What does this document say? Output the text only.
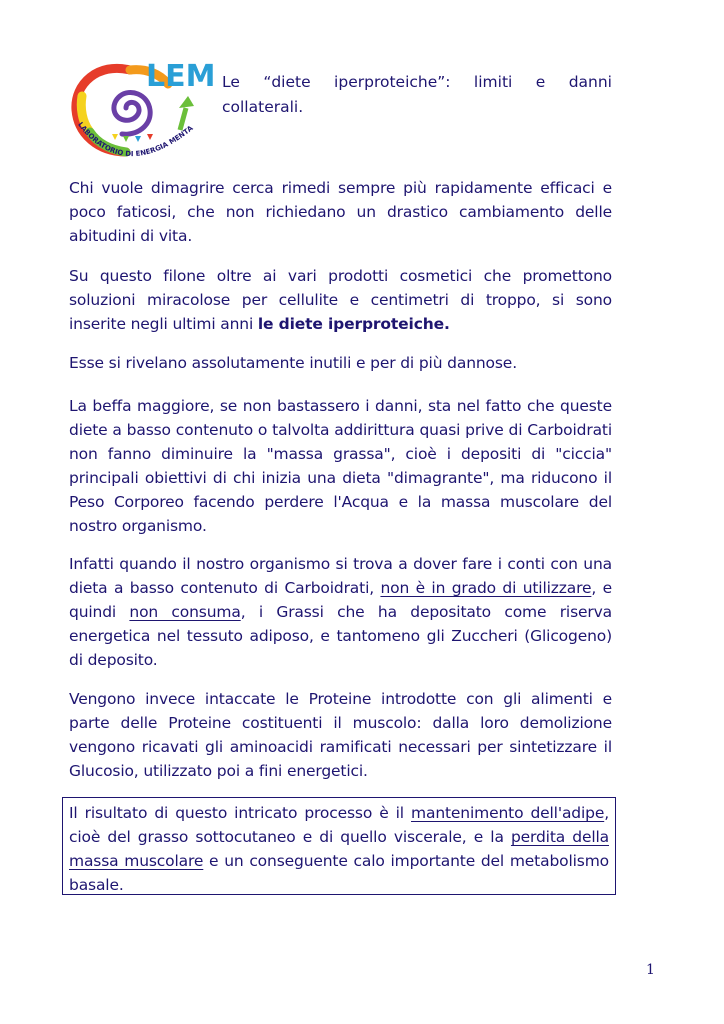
LEM
LABORATORIO DI ENERGIA MENTA
Le “diete iperproteiche”: limiti e danni collaterali.
Chi vuole dimagrire cerca rimedi sempre più rapidamente efficaci e poco faticosi, che non richiedano un drastico cambiamento delle abitudini di vita.
Su questo filone oltre ai vari prodotti cosmetici che promettono soluzioni miracolose per cellulite e centimetri di troppo, si sono inserite negli ultimi anni le diete iperproteiche.
Esse si rivelano assolutamente inutili e per di più dannose.
La beffa maggiore, se non bastassero i danni, sta nel fatto che queste diete a basso contenuto o talvolta addirittura quasi prive di Carboidrati non fanno diminuire la "massa grassa", cioè i depositi di "ciccia" principali obiettivi di chi inizia una dieta "dimagrante", ma riducono il Peso Corporeo facendo perdere l'Acqua e la massa muscolare del nostro organismo.
Infatti quando il nostro organismo si trova a dover fare i conti con una dieta a basso contenuto di Carboidrati, non è in grado di utilizzare, e quindi non consuma, i Grassi che ha depositato come riserva energetica nel tessuto adiposo, e tantomeno gli Zuccheri (Glicogeno) di deposito.
Vengono invece intaccate le Proteine introdotte con gli alimenti e parte delle Proteine costituenti il muscolo: dalla loro demolizione vengono ricavati gli aminoacidi ramificati necessari per sintetizzare il Glucosio, utilizzato poi a fini energetici.
Il risultato di questo intricato processo è il mantenimento dell'adipe, cioè del grasso sottocutaneo e di quello viscerale, e la perdita della massa muscolare e un conseguente calo importante del metabolismo basale.
1
